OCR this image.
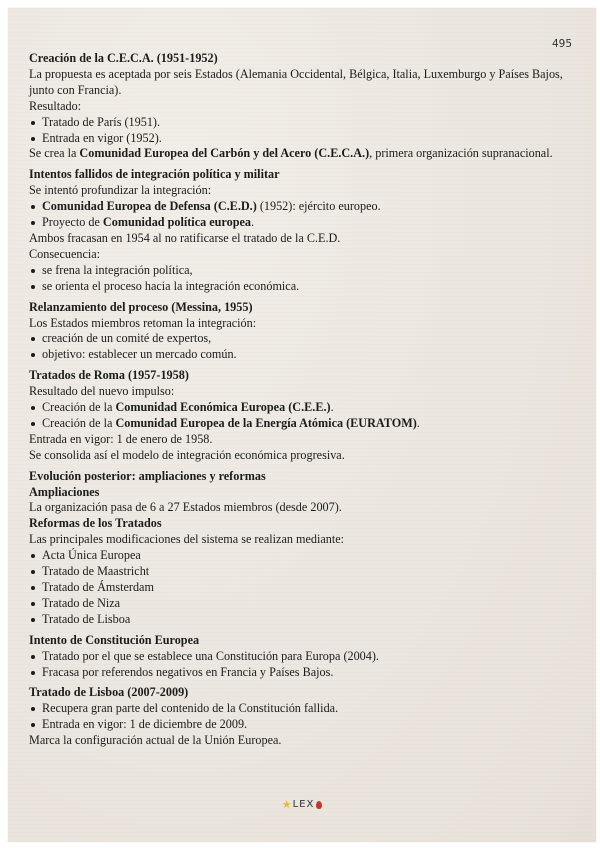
495
Creación de la C.E.C.A. (1951-1952)

La propuesta es aceptada por seis Estados (Alemania Occidental, Bélgica, Italia, Luxemburgo y Países Bajos, junto con Francia).

Resultado:

Tratado de París (1951).
Entrada en vigor (1952).

Se crea la Comunidad Europea del Carbón y del Acero (C.E.C.A.), primera organización supranacional.

Intentos fallidos de integración política y militar

Se intentó profundizar la integración:

Comunidad Europea de Defensa (C.E.D.) (1952): ejército europeo.
Proyecto de Comunidad política europea.

Ambos fracasan en 1954 al no ratificarse el tratado de la C.E.D.

Consecuencia:

se frena la integración política,
se orienta el proceso hacia la integración económica.
Relanzamiento del proceso (Messina, 1955)

Los Estados miembros retoman la integración:

creación de un comité de expertos,
objetivo: establecer un mercado común.
Tratados de Roma (1957-1958)

Resultado del nuevo impulso:

Creación de la Comunidad Económica Europea (C.E.E.).
Creación de la Comunidad Europea de la Energía Atómica (EURATOM).

Entrada en vigor: 1 de enero de 1958.

Se consolida así el modelo de integración económica progresiva.

Evolución posterior: ampliaciones y reformas
Ampliaciones

La organización pasa de 6 a 27 Estados miembros (desde 2007).

Reformas de los Tratados

Las principales modificaciones del sistema se realizan mediante:

Acta Única Europea
Tratado de Maastricht
Tratado de Ámsterdam
Tratado de Niza
Tratado de Lisboa
Intento de Constitución Europea
Tratado por el que se establece una Constitución para Europa (2004).
Fracasa por referendos negativos en Francia y Países Bajos.
Tratado de Lisboa (2007-2009)
Recupera gran parte del contenido de la Constitución fallida.
Entrada en vigor: 1 de diciembre de 2009.

Marca la configuración actual de la Unión Europea.

★LEX
